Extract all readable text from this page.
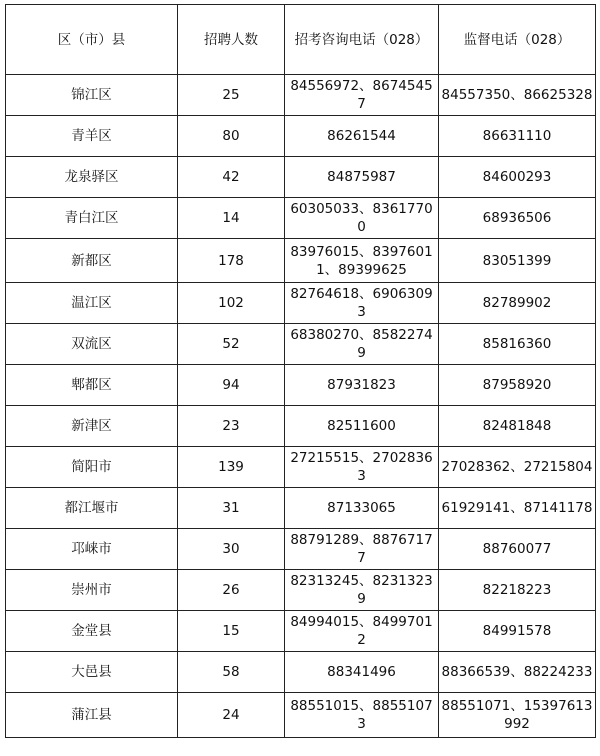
区（市）县	招聘人数	招考咨询电话（028）	监督电话（028）
锦江区	25	84556972、86745457	84557350、86625328
青羊区	80	86261544	86631110
龙泉驿区	42	84875987	84600293
青白江区	14	60305033、83617700	68936506
新都区	178	83976015、83976011、89399625	83051399
温江区	102	82764618、69063093	82789902
双流区	52	68380270、85822749	85816360
郫都区	94	87931823	87958920
新津区	23	82511600	82481848
简阳市	139	27215515、27028363	27028362、27215804
都江堰市	31	87133065	61929141、87141178
邛崃市	30	88791289、88767177	88760077
崇州市	26	82313245、82313239	82218223
金堂县	15	84994015、84997012	84991578
大邑县	58	88341496	88366539、88224233
蒲江县	24	88551015、88551073	88551071、15397613992
